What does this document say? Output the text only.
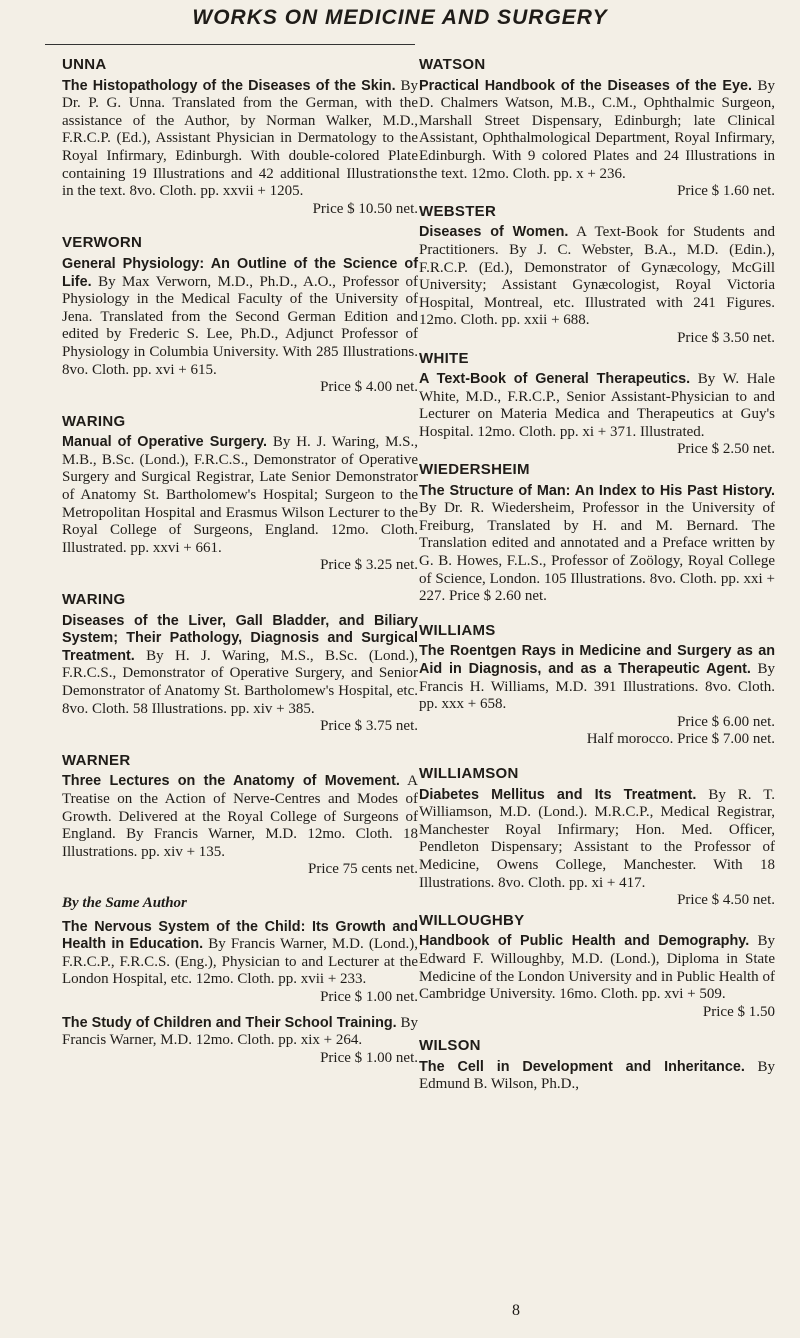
WORKS ON MEDICINE AND SURGERY
UNNA

The Histopathology of the Diseases of the Skin. By Dr. P. G. Unna. Translated from the German, with the assistance of the Author, by Norman Walker, M.D., F.R.C.P. (Ed.), Assistant Physician in Dermatology to the Royal Infirmary, Edinburgh. With double-colored Plate containing 19 Illustrations and 42 additional Illustrations in the text. 8vo. Cloth. pp. xxvii + 1205.

Price $ 10.50 net.
VERWORN

General Physiology: An Outline of the Science of Life. By Max Verworn, M.D., Ph.D., A.O., Professor of Physiology in the Medical Faculty of the University of Jena. Translated from the Second German Edition and edited by Frederic S. Lee, Ph.D., Adjunct Professor of Physiology in Columbia University. With 285 Illustrations. 8vo. Cloth. pp. xvi + 615.

Price $ 4.00 net.
WARING

Manual of Operative Surgery. By H. J. Waring, M.S., M.B., B.Sc. (Lond.), F.R.C.S., Demonstrator of Operative Surgery and Surgical Registrar, Late Senior Demonstrator of Anatomy St. Bartholomew's Hospital; Surgeon to the Metropolitan Hospital and Erasmus Wilson Lecturer to the Royal College of Surgeons, England. 12mo. Cloth. Illustrated. pp. xxvi + 661.

Price $ 3.25 net.
WARING

Diseases of the Liver, Gall Bladder, and Biliary System; Their Pathology, Diagnosis and Surgical Treatment. By H. J. Waring, M.S., B.Sc. (Lond.), F.R.C.S., Demonstrator of Operative Surgery, and Senior Demonstrator of Anatomy St. Bartholomew's Hospital, etc. 8vo. Cloth. 58 Illustrations. pp. xiv + 385.

Price $ 3.75 net.
WARNER

Three Lectures on the Anatomy of Movement. A Treatise on the Action of Nerve-Centres and Modes of Growth. Delivered at the Royal College of Surgeons of England. By Francis Warner, M.D. 12mo. Cloth. 18 Illustrations. pp. xiv + 135.

Price 75 cents net.
By the Same Author

The Nervous System of the Child: Its Growth and Health in Education. By Francis Warner, M.D. (Lond.), F.R.C.P., F.R.C.S. (Eng.), Physician to and Lecturer at the London Hospital, etc. 12mo. Cloth. pp. xvii + 233.

Price $ 1.00 net.

The Study of Children and Their School Training. By Francis Warner, M.D. 12mo. Cloth. pp. xix + 264.

Price $ 1.00 net.
WATSON

Practical Handbook of the Diseases of the Eye. By D. Chalmers Watson, M.B., C.M., Ophthalmic Surgeon, Marshall Street Dispensary, Edinburgh; late Clinical Assistant, Ophthalmological Department, Royal Infirmary, Edinburgh. With 9 colored Plates and 24 Illustrations in the text. 12mo. Cloth. pp. x + 236.

Price $ 1.60 net.
WEBSTER

Diseases of Women. A Text-Book for Students and Practitioners. By J. C. Webster, B.A., M.D. (Edin.), F.R.C.P. (Ed.), Demonstrator of Gynæcology, McGill University; Assistant Gynæcologist, Royal Victoria Hospital, Montreal, etc. Illustrated with 241 Figures. 12mo. Cloth. pp. xxii + 688.

Price $ 3.50 net.
WHITE

A Text-Book of General Therapeutics. By W. Hale White, M.D., F.R.C.P., Senior Assistant-Physician to and Lecturer on Materia Medica and Therapeutics at Guy's Hospital. 12mo. Cloth. pp. xi + 371. Illustrated.

Price $ 2.50 net.
WIEDERSHEIM

The Structure of Man: An Index to His Past History. By Dr. R. Wiedersheim, Professor in the University of Freiburg, Translated by H. and M. Bernard. The Translation edited and annotated and a Preface written by G. B. Howes, F.L.S., Professor of Zoölogy, Royal College of Science, London. 105 Illustrations. 8vo. Cloth. pp. xxi + 227. Price $ 2.60 net.

WILLIAMS

The Roentgen Rays in Medicine and Surgery as an Aid in Diagnosis, and as a Therapeutic Agent. By Francis H. Williams, M.D. 391 Illustrations. 8vo. Cloth. pp. xxx + 658.

Price $ 6.00 net.
Half morocco. Price $ 7.00 net.
WILLIAMSON

Diabetes Mellitus and Its Treatment. By R. T. Williamson, M.D. (Lond.). M.R.C.P., Medical Registrar, Manchester Royal Infirmary; Hon. Med. Officer, Pendleton Dispensary; Assistant to the Professor of Medicine, Owens College, Manchester. With 18 Illustrations. 8vo. Cloth. pp. xi + 417.

Price $ 4.50 net.
WILLOUGHBY

Handbook of Public Health and Demography. By Edward F. Willoughby, M.D. (Lond.), Diploma in State Medicine of the London University and in Public Health of Cambridge University. 16mo. Cloth. pp. xvi + 509.

Price $ 1.50
WILSON

The Cell in Development and Inheritance. By Edmund B. Wilson, Ph.D.,

8
